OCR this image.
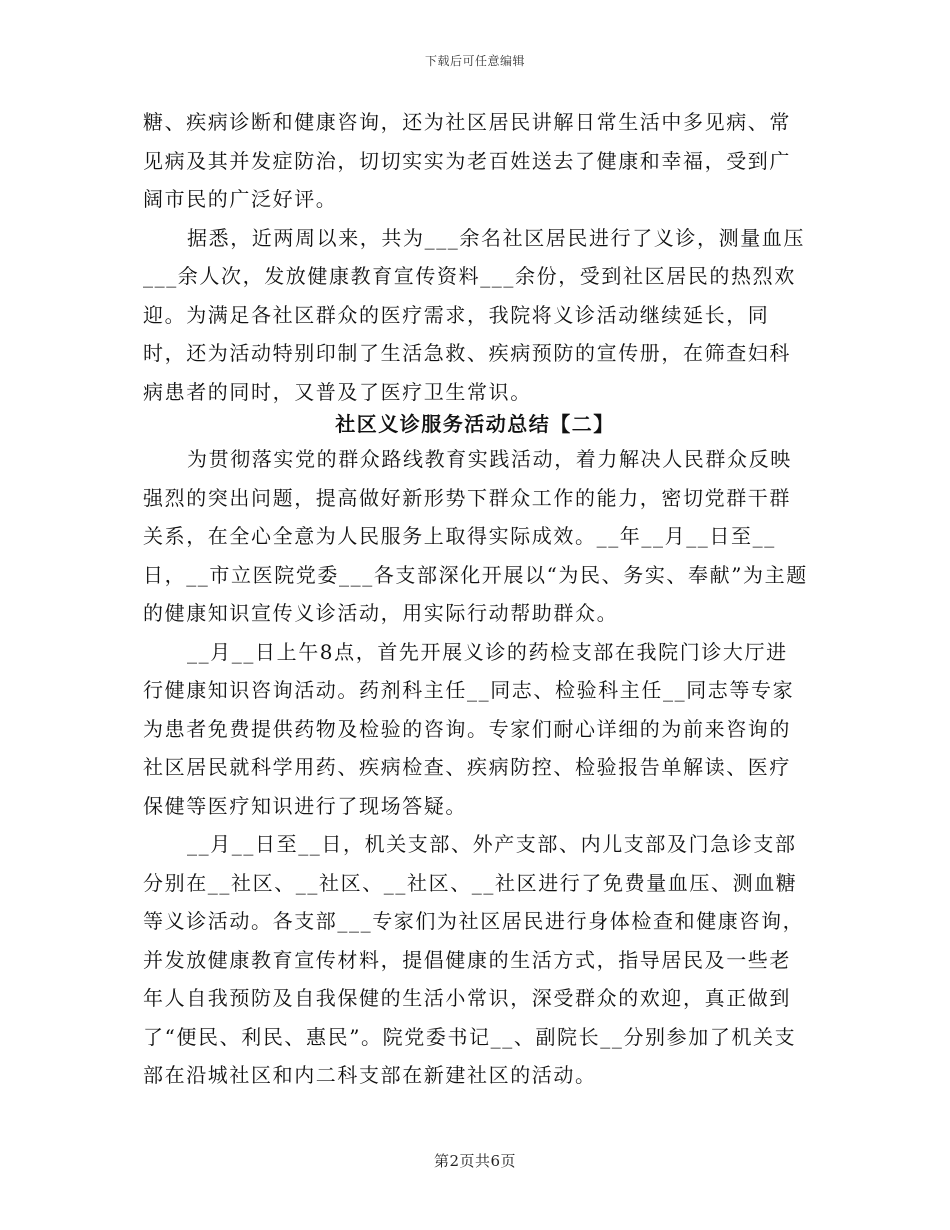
下载后可任意编辑

糖、疾病诊断和健康咨询，还为社区居民讲解日常生活中多见病、常见病及其并发症防治，切切实实为老百姓送去了健康和幸福，受到广阔市民的广泛好评。

据悉，近两周以来，共为___余名社区居民进行了义诊，测量血压___余人次，发放健康教育宣传资料___余份，受到社区居民的热烈欢迎。为满足各社区群众的医疗需求，我院将义诊活动继续延长，同时，还为活动特别印制了生活急救、疾病预防的宣传册，在筛查妇科病患者的同时，又普及了医疗卫生常识。

社区义诊服务活动总结【二】

为贯彻落实党的群众路线教育实践活动，着力解决人民群众反映强烈的突出问题，提高做好新形势下群众工作的能力，密切党群干群关系，在全心全意为人民服务上取得实际成效。__年__月__日至__日，__市立医院党委___各支部深化开展以“为民、务实、奉献”为主题的健康知识宣传义诊活动，用实际行动帮助群众。

__月__日上午8点，首先开展义诊的药检支部在我院门诊大厅进行健康知识咨询活动。药剂科主任__同志、检验科主任__同志等专家为患者免费提供药物及检验的咨询。专家们耐心详细的为前来咨询的社区居民就科学用药、疾病检查、疾病防控、检验报告单解读、医疗保健等医疗知识进行了现场答疑。

__月__日至__日，机关支部、外产支部、内儿支部及门急诊支部分别在__社区、__社区、__社区、__社区进行了免费量血压、测血糖等义诊活动。各支部___专家们为社区居民进行身体检查和健康咨询，并发放健康教育宣传材料，提倡健康的生活方式，指导居民及一些老年人自我预防及自我保健的生活小常识，深受群众的欢迎，真正做到了“便民、利民、惠民”。院党委书记__、副院长__分别参加了机关支部在沿城社区和内二科支部在新建社区的活动。

第2页共6页
